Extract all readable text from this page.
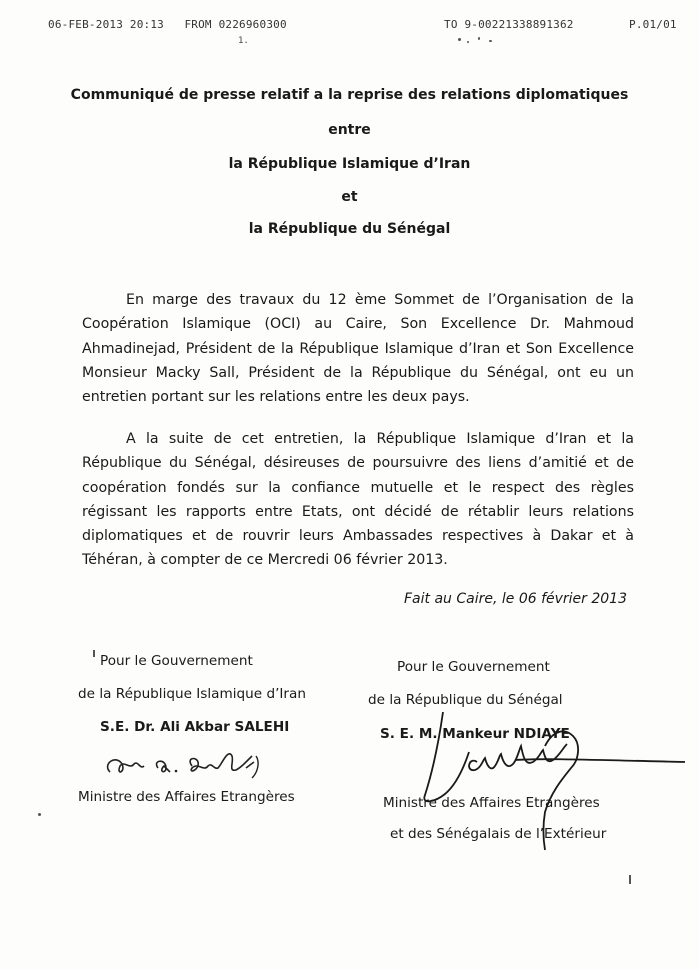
06-FEB-2013 20:13 FROM 0226960300	TO 9-00221338891362	P.01/01
1.
Communiqué de presse relatif a la reprise des relations diplomatiques
entre
la République Islamique d’Iran
et
la République du Sénégal

En marge des travaux du 12 ème Sommet de l’Organisation de la Coopération Islamique (OCI) au Caire, Son Excellence Dr. Mahmoud Ahmadinejad, Président de la République Islamique d’Iran et Son Excellence Monsieur Macky Sall, Président de la République du Sénégal, ont eu un entretien portant sur les relations entre les deux pays.

A la suite de cet entretien, la République Islamique d’Iran et la République du Sénégal, désireuses de poursuivre des liens d’amitié et de coopération fondés sur la confiance mutuelle et le respect des règles régissant les rapports entre Etats, ont décidé de rétablir leurs relations diplomatiques et de rouvrir leurs Ambassades respectives à Dakar et à Téhéran, à compter de ce Mercredi 06 février 2013.

Fait au Caire, le 06 février 2013
Pour le Gouvernement
de la République Islamique d’Iran
S.E. Dr. Ali Akbar SALEHI
Ministre des Affaires Etrangères
Pour le Gouvernement
de la République du Sénégal
S. E. M. Mankeur NDIAYE
Ministre des Affaires Etrangères
et des Sénégalais de l’Extérieur
